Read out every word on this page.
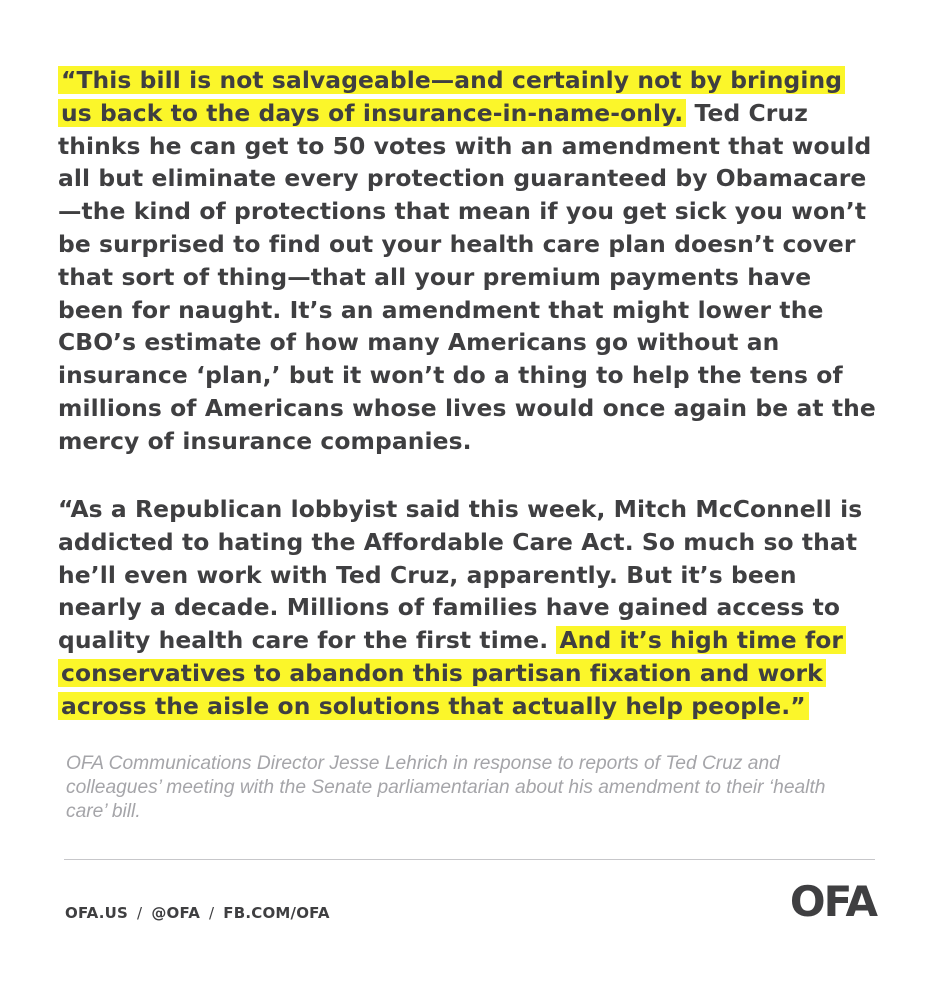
“This bill is not salvageable—and certainly not by bringing us back to the days of insurance-in-name-only. Ted Cruz thinks he can get to 50 votes with an amendment that would all but eliminate every protection guaranteed by Obamacare—the kind of protections that mean if you get sick you won’t be surprised to find out your health care plan doesn’t cover that sort of thing—that all your premium payments have been for naught. It’s an amendment that might lower the CBO’s estimate of how many Americans go without an insurance ‘plan,’ but it won’t do a thing to help the tens of millions of Americans whose lives would once again be at the mercy of insurance companies.

“As a Republican lobbyist said this week, Mitch McConnell is addicted to hating the Affordable Care Act. So much so that he’ll even work with Ted Cruz, apparently. But it’s been nearly a decade. Millions of families have gained access to quality health care for the first time. And it’s high time for conservatives to abandon this partisan fixation and work across the aisle on solutions that actually help people.”

OFA Communications Director Jesse Lehrich in response to reports of Ted Cruz and colleagues’ meeting with the Senate parliamentarian about his amendment to their ‘health care’ bill.

OFA.US / @OFA / FB.COM/OFA	OFA
